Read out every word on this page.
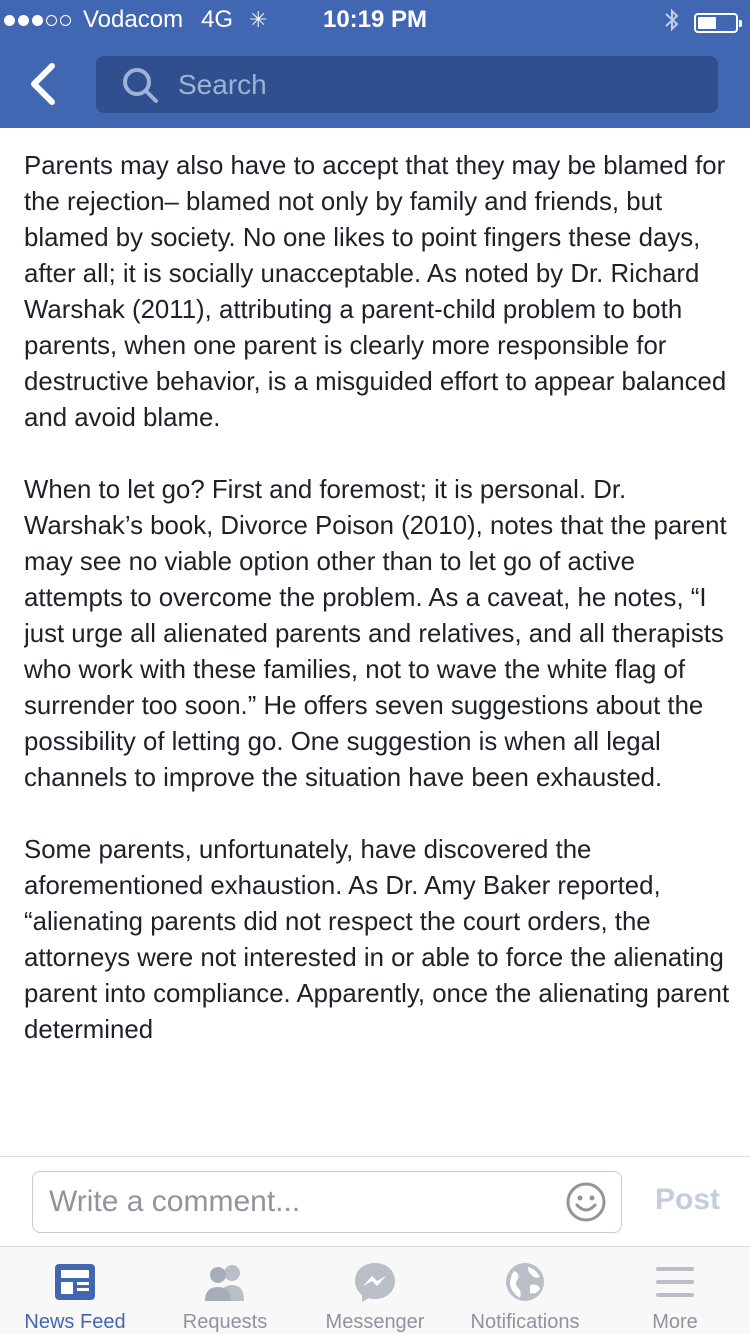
Vodacom 4G ✳	10:19 PM
Search

Parents may also have to accept that they may be blamed for the rejection– blamed not only by family and friends, but blamed by society. No one likes to point fingers these days, after all; it is socially unacceptable. As noted by Dr. Richard Warshak (2011), attributing a parent-child problem to both parents, when one parent is clearly more responsible for destructive behavior, is a misguided effort to appear balanced and avoid blame.

When to let go? First and foremost; it is personal. Dr. Warshak’s book, Divorce Poison (2010), notes that the parent may see no viable option other than to let go of active attempts to overcome the problem. As a caveat, he notes, “I just urge all alienated parents and relatives, and all therapists who work with these families, not to wave the white flag of surrender too soon.” He offers seven suggestions about the possibility of letting go. One suggestion is when all legal channels to improve the situation have been exhausted.

Some parents, unfortunately, have discovered the aforementioned exhaustion. As Dr. Amy Baker reported, “alienating parents did not respect the court orders, the attorneys were not interested in or able to force the alienating parent into compliance. Apparently, once the alienating parent determined

Write a comment...	Post
News Feed	Requests	Messenger Notifications	More
